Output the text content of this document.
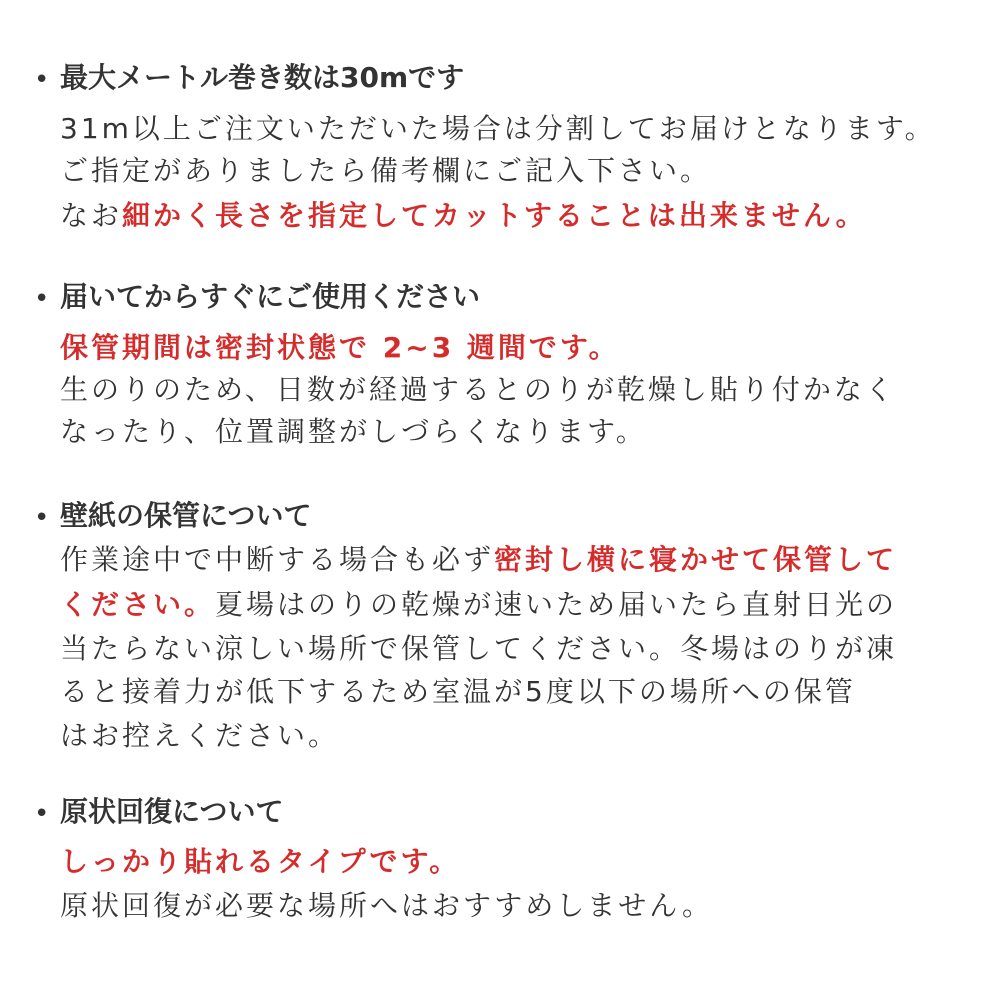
• 最大メートル巻き数は30mです
31m以上ご注文いただいた場合は分割してお届けとなります。
ご指定がありましたら備考欄にご記入下さい。
なお細かく長さを指定してカットすることは出来ません。
• 届いてからすぐにご使用ください
保管期間は密封状態で 2~3 週間です。
生のりのため、日数が経過するとのりが乾燥し貼り付かなく
なったり、位置調整がしづらくなります。
• 壁紙の保管について
作業途中で中断する場合も必ず密封し横に寝かせて保管して
ください。夏場はのりの乾燥が速いため届いたら直射日光の
当たらない涼しい場所で保管してください。冬場はのりが凍
ると接着力が低下するため室温が5度以下の場所への保管
はお控えください。
• 原状回復について
しっかり貼れるタイプです。
原状回復が必要な場所へはおすすめしません。
